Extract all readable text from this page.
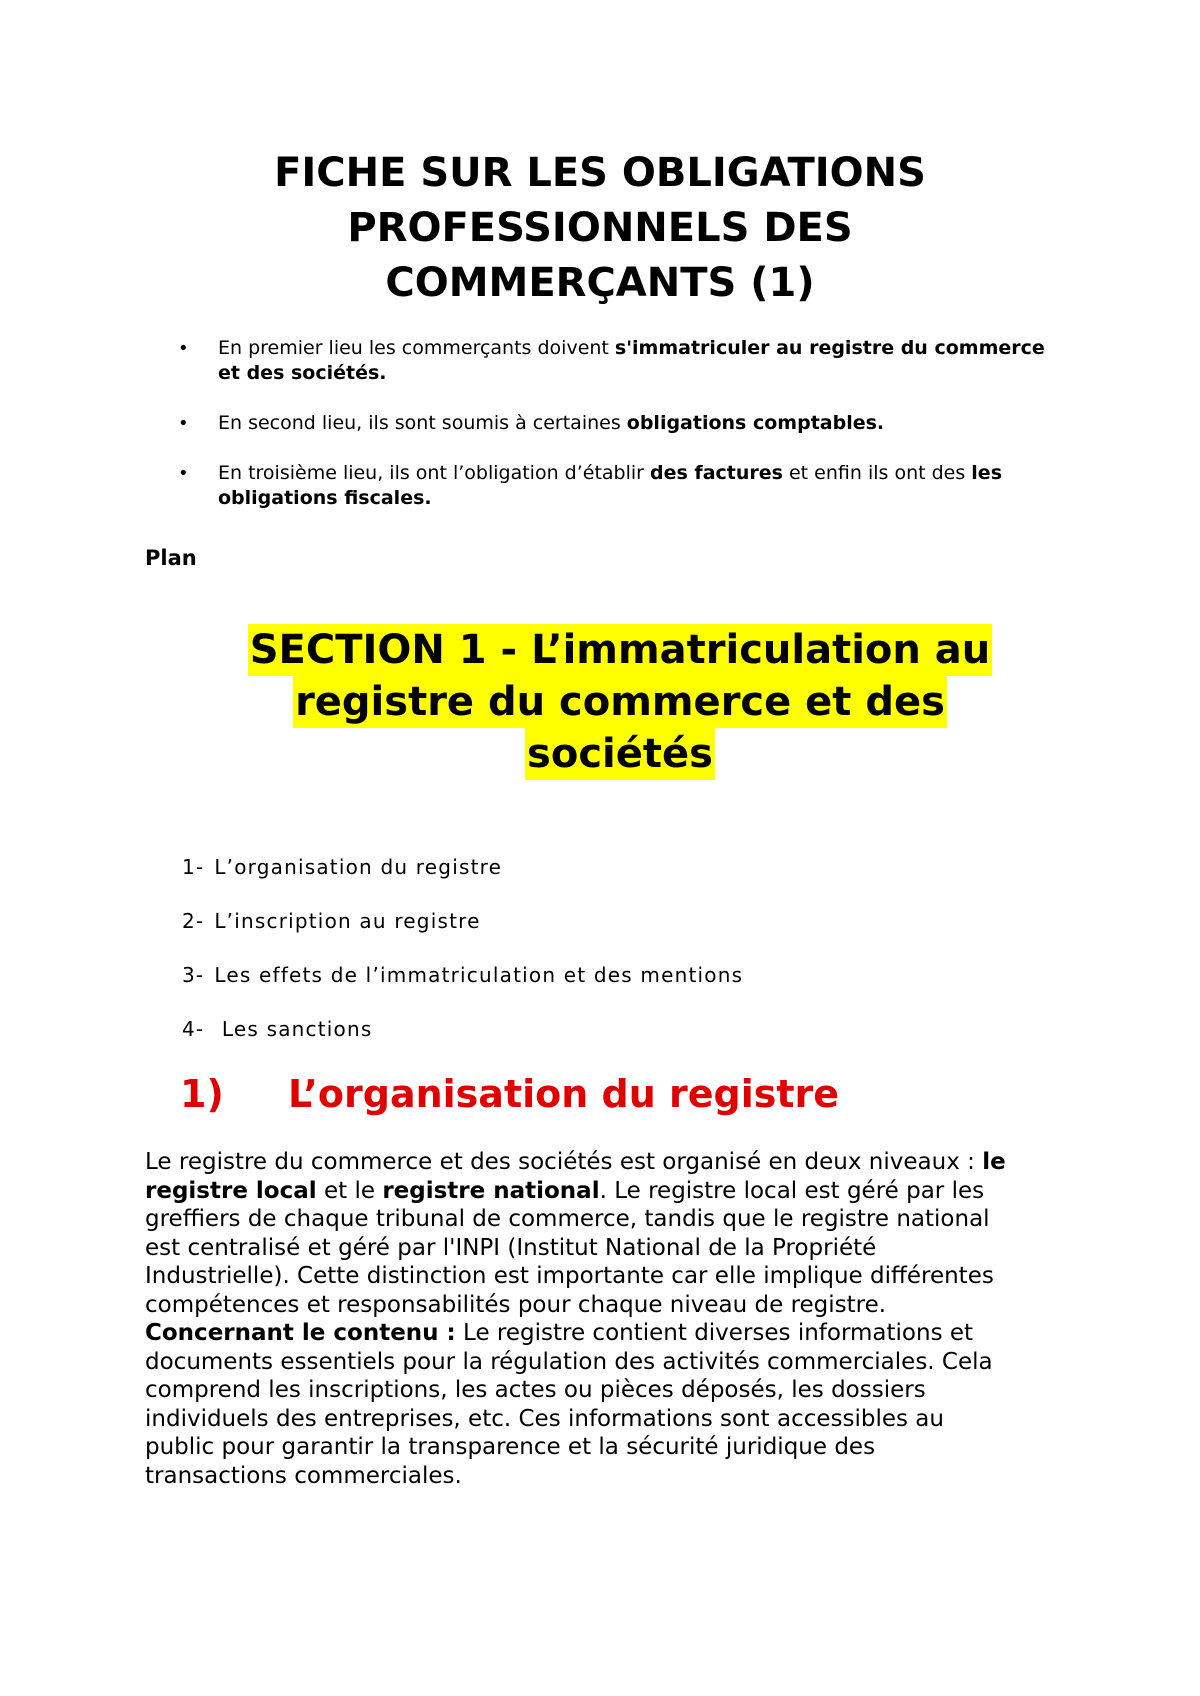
FICHE SUR LES OBLIGATIONS
PROFESSIONNELS DES
COMMERÇANTS (1)
• En premier lieu les commerçants doivent s'immatriculer au registre du commerce et des sociétés.
• En second lieu, ils sont soumis à certaines obligations comptables.
• En troisième lieu, ils ont l’obligation d’établir des factures et enfin ils ont des les obligations fiscales.

Plan

SECTION 1 - L’immatriculation au
registre du commerce et des
sociétés
1- L’organisation du registre
2- L’inscription au registre
3- Les effets de l’immatriculation et des mentions
4- Les sanctions
1) L’organisation du registre

Le registre du commerce et des sociétés est organisé en deux niveaux : le
registre local et le registre national. Le registre local est géré par les
greffiers de chaque tribunal de commerce, tandis que le registre national
est centralisé et géré par l'INPI (Institut National de la Propriété
Industrielle). Cette distinction est importante car elle implique différentes
compétences et responsabilités pour chaque niveau de registre.
Concernant le contenu : Le registre contient diverses informations et
documents essentiels pour la régulation des activités commerciales. Cela
comprend les inscriptions, les actes ou pièces déposés, les dossiers
individuels des entreprises, etc. Ces informations sont accessibles au
public pour garantir la transparence et la sécurité juridique des
transactions commerciales.
